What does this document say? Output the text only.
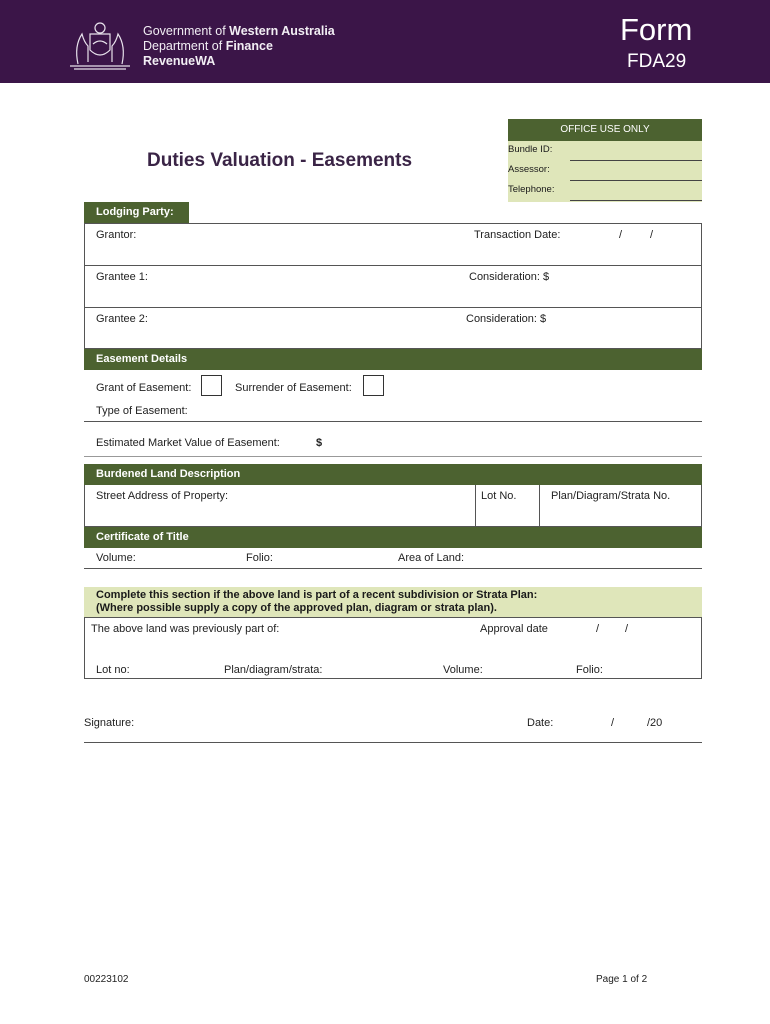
Government of Western Australia
Department of Finance
RevenueWA
Form
FDA29
Duties Valuation - Easements
OFFICE USE ONLY
Bundle ID:
Assessor:
Telephone:
Lodging Party:
Grantor:	Transaction Date:	/	/
Grantee 1:	Consideration: $
Grantee 2:	Consideration: $
Easement Details
Grant of Easement:	Surrender of Easement:
Type of Easement:
Estimated Market Value of Easement:	$
Burdened Land Description
Street Address of Property:	Lot No.	Plan/Diagram/Strata No.
Certificate of Title
Volume:	Folio:	Area of Land:
Complete this section if the above land is part of a recent subdivision or Strata Plan:
(Where possible supply a copy of the approved plan, diagram or strata plan).
The above land was previously part of:	Approval date	/ /
Lot no:	Plan/diagram/strata:	Volume:	Folio:
Signature:	Date:	/	/20
00223102	Page 1 of 2
